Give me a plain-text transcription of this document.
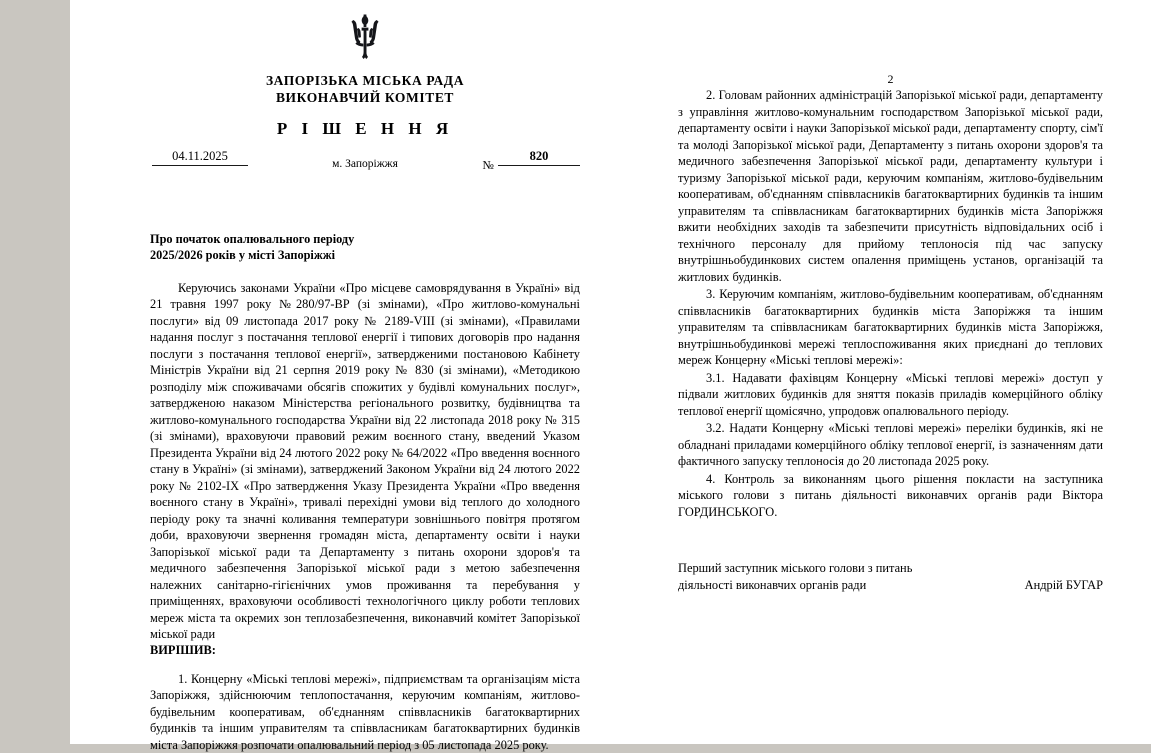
ЗАПОРІЗЬКА МІСЬКА РАДА
ВИКОНАВЧИЙ КОМІТЕТ
Р І Ш Е Н Н Я
04.11.2025
м. Запоріжжя	№
820
Про початок опалювального періоду 2025/2026 років у місті Запоріжжі

Керуючись законами України «Про місцеве самоврядування в Україні» від 21 травня 1997 року №280/97-ВР (зі змінами), «Про житлово-комунальні послуги» від 09 листопада 2017 року № 2189-VIII (зі змінами), «Правилами надання послуг з постачання теплової енергії і типових договорів про надання послуги з постачання теплової енергії», затвердженими постановою Кабінету Міністрів України від 21 серпня 2019 року № 830 (зі змінами), «Методикою розподілу між споживачами обсягів спожитих у будівлі комунальних послуг», затвердженою наказом Міністерства регіонального розвитку, будівництва та житлово-комунального господарства України від 22 листопада 2018 року № 315 (зі змінами), враховуючи правовий режим воєнного стану, введений Указом Президента України від 24 лютого 2022 року № 64/2022 «Про введення воєнного стану в Україні» (зі змінами), затверджений Законом України від 24 лютого 2022 року № 2102-IX «Про затвердження Указу Президента України «Про введення воєнного стану в Україні», тривалі перехідні умови від теплого до холодного періоду року та значні коливання температури зовнішнього повітря протягом доби, враховуючи звернення громадян міста, департаменту освіти і науки Запорізької міської ради та Департаменту з питань охорони здоров'я та медичного забезпечення Запорізької міської ради з метою забезпечення належних санітарно-гігієнічних умов проживання та перебування у приміщеннях, враховуючи особливості технологічного циклу роботи теплових мереж міста та окремих зон теплозабезпечення, виконавчий комітет Запорізької міської ради

ВИРІШИВ:

1. Концерну «Міські теплові мережі», підприємствам та організаціям міста Запоріжжя, здійснюючим теплопостачання, керуючим компаніям, житлово-будівельним кооперативам, об'єднанням співвласників багатоквартирних будинків та іншим управителям та співвласникам багатоквартирних будинків міста Запоріжжя розпочати опалювальний період з 05 листопада 2025 року.

2

2. Головам районних адміністрацій Запорізької міської ради, департаменту з управління житлово-комунальним господарством Запорізької міської ради, департаменту освіти і науки Запорізької міської ради, департаменту спорту, сім'ї та молоді Запорізької міської ради, Департаменту з питань охорони здоров'я та медичного забезпечення Запорізької міської ради, департаменту культури і туризму Запорізької міської ради, керуючим компаніям, житлово-будівельним кооперативам, об'єднанням співвласників багатоквартирних будинків та іншим управителям та співвласникам багатоквартирних будинків міста Запоріжжя вжити необхідних заходів та забезпечити присутність відповідальних осіб і технічного персоналу для прийому теплоносія під час запуску внутрішньобудинкових систем опалення приміщень установ, організацій та житлових будинків.

3. Керуючим компаніям, житлово-будівельним кооперативам, об'єднанням співвласників багатоквартирних будинків міста Запоріжжя та іншим управителям та співвласникам багатоквартирних будинків міста Запоріжжя, внутрішньобудинкові мережі теплоспоживання яких приєднані до теплових мереж Концерну «Міські теплові мережі»:

3.1. Надавати фахівцям Концерну «Міські теплові мережі» доступ у підвали житлових будинків для зняття показів приладів комерційного обліку теплової енергії щомісячно, упродовж опалювального періоду.

3.2. Надати Концерну «Міські теплові мережі» переліки будинків, які не обладнані приладами комерційного обліку теплової енергії, із зазначенням дати фактичного запуску теплоносія до 20 листопада 2025 року.

4. Контроль за виконанням цього рішення покласти на заступника міського голови з питань діяльності виконавчих органів ради Віктора ГОРДИНСЬКОГО.

Перший заступник міського голови з питань діяльності виконавчих органів ради	Андрій БУГАР
